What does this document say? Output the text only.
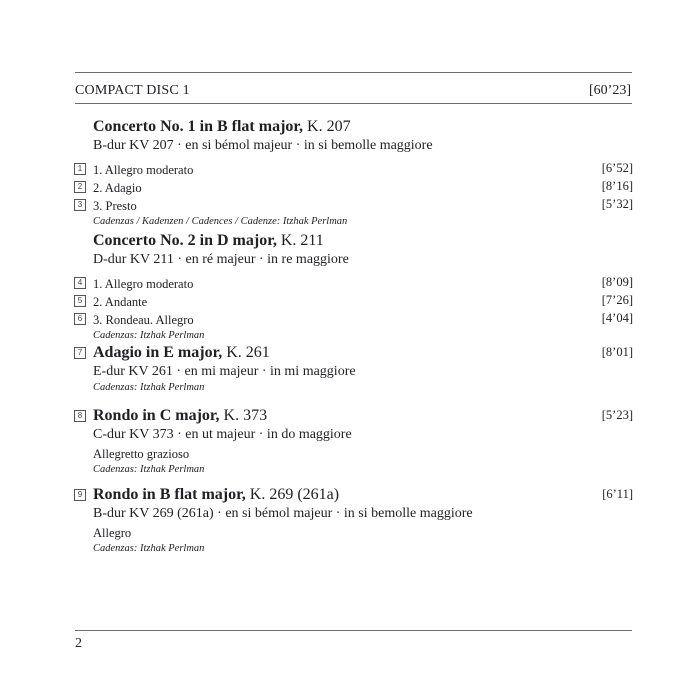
COMPACT DISC 1	[60’23]
Concerto No. 1 in B flat major, K. 207
B-dur KV 207 · en si bémol majeur · in si bemolle maggiore
1 1. Allegro moderato	[6’52]
2 2. Adagio	[8’16]
3 3. Presto	[5’32]
Cadenzas / Kadenzen / Cadences / Cadenze: Itzhak Perlman
Concerto No. 2 in D major, K. 211
D-dur KV 211 · en ré majeur · in re maggiore
4 1. Allegro moderato	[8’09]
5 2. Andante	[7’26]
6 3. Rondeau. Allegro	[4’04]
Cadenzas: Itzhak Perlman
7 Adagio in E major, K. 261	[8’01]
E-dur KV 261 · en mi majeur · in mi maggiore
Cadenzas: Itzhak Perlman
8 Rondo in C major, K. 373	[5’23]
C-dur KV 373 · en ut majeur · in do maggiore
Allegretto grazioso
Cadenzas: Itzhak Perlman
9 Rondo in B flat major, K. 269 (261a)	[6’11]
B-dur KV 269 (261a) · en si bémol majeur · in si bemolle maggiore
Allegro
Cadenzas: Itzhak Perlman
2
